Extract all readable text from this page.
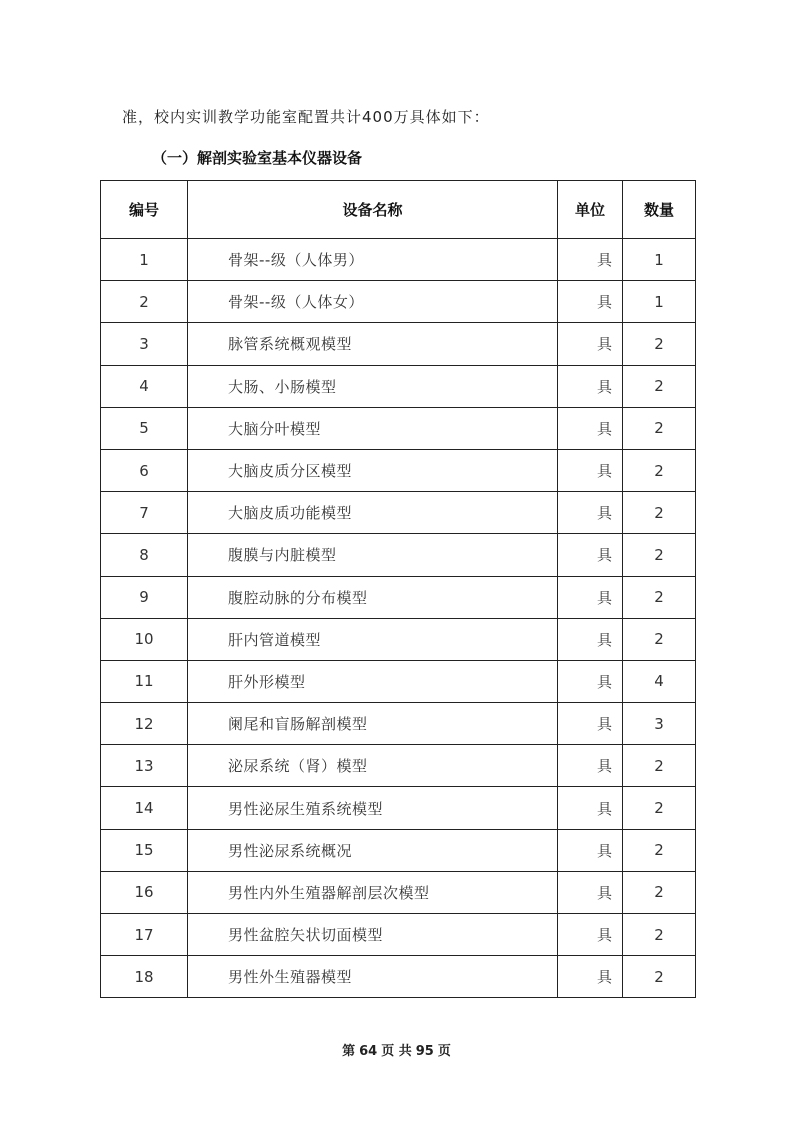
准，校内实训教学功能室配置共计400万具体如下：
（一）解剖实验室基本仪器设备
编号	设备名称	单位	数量
1	骨架--级（人体男）	具	1
2	骨架--级（人体女）	具	1
3	脉管系统概观模型	具	2
4	大肠、小肠模型	具	2
5	大脑分叶模型	具	2
6	大脑皮质分区模型	具	2
7	大脑皮质功能模型	具	2
8	腹膜与内脏模型	具	2
9	腹腔动脉的分布模型	具	2
10	肝内管道模型	具	2
11	肝外形模型	具	4
12	阑尾和盲肠解剖模型	具	3
13	泌尿系统（肾）模型	具	2
14	男性泌尿生殖系统模型	具	2
15	男性泌尿系统概况	具	2
16	男性内外生殖器解剖层次模型	具	2
17	男性盆腔矢状切面模型	具	2
18	男性外生殖器模型	具	2
第 64 页 共 95 页
